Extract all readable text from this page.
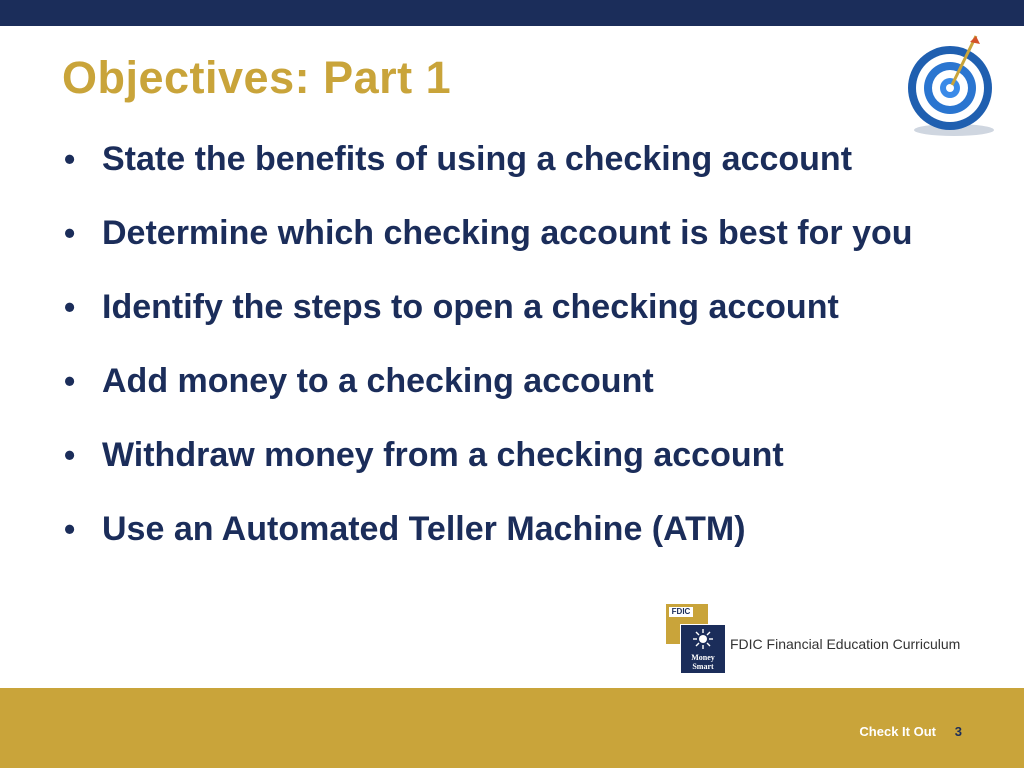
Objectives: Part 1
• State the benefits of using a checking account
• Determine which checking account is best for you
• Identify the steps to open a checking account
• Add money to a checking account
• Withdraw money from a checking account
• Use an Automated Teller Machine (ATM)
FDIC
Money
Smart
FDIC Financial Education Curriculum
Check It Out 3
